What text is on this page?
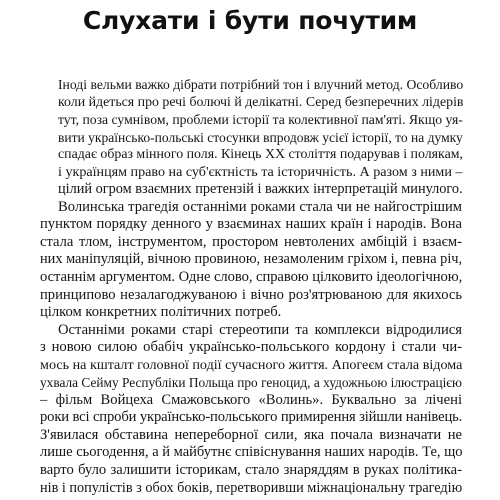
Слухати і бути почутим

Іноді вельми важко дібрати потрібний тон і влучний метод. Особливо
коли йдеться про речі болючі й делікатні. Серед безперечних лідерів
тут, поза сумнівом, проблеми історії та колективної пам'яті. Якщо уя-
вити українсько-польські стосунки впродовж усієї історії, то на думку
спадає образ мінного поля. Кінець XX століття подарував і полякам,
і українцям право на суб'єктність та історичність. А разом з ними –
цілий огром взаємних претензій і важких інтерпретацій минулого.

Волинська трагедія останніми роками стала чи не найгострішим
пунктом порядку денного у взаєминах наших країн і народів. Вона
стала тлом, інструментом, простором невтолених амбіцій і взаєм-
них маніпуляцій, вічною провиною, незамоленим гріхом і, певна річ,
останнім аргументом. Одне слово, справою цілковито ідеологічною,
принципово незалагоджуваною і вічно роз'ятрюваною для якихось
цілком конкретних політичних потреб.

Останніми роками старі стереотипи та комплекси відродилися
з новою силою обабіч українсько-польського кордону і стали чи-
мось на кшталт головної події сучасного життя. Апогеєм стала відома
ухвала Сейму Республіки Польща про геноцид, а художньою ілюстрацією
– фільм Войцеха Смажовського «Волинь». Буквально за лічені
роки всі спроби українсько-польського примирення зійшли нанівець.
З'явилася обставина непереборної сили, яка почала визначати не
лише сьогодення, а й майбутнє співіснування наших народів. Те, що
варто було залишити історикам, стало знаряддям в руках політика-
нів і популістів з обох боків, перетворивши міжнаціональну трагедію
